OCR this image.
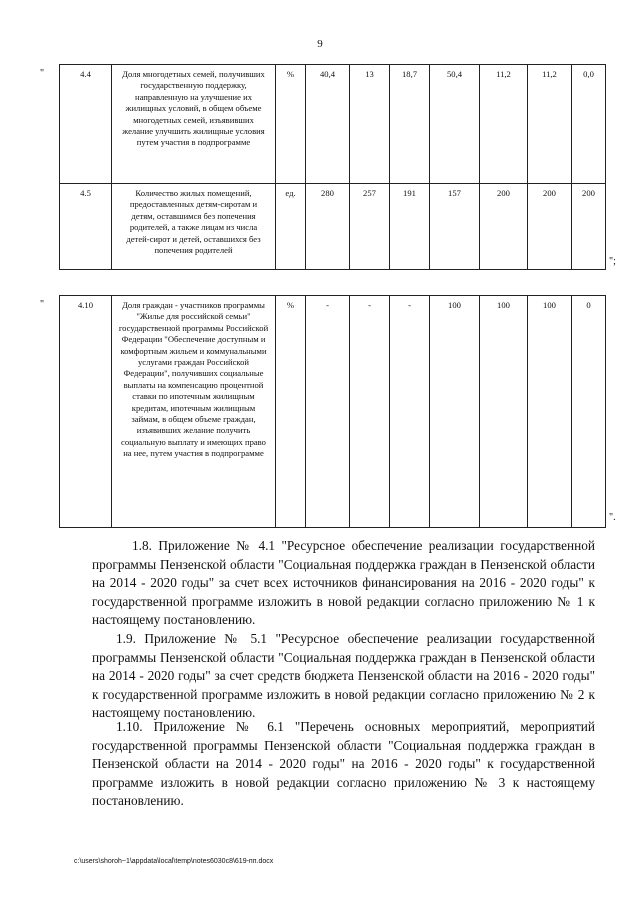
9
"	4.4	Доля многодетных семей, получивших государственную поддержку, направленную на улучшение их жилищных условий, в общем объеме многодетных семей, изъявивших желание улучшить жилищные условия путем участия в подпрограмме	%	40,4	13	18,7	50,4	11,2	11,2	0,0
4.5	Количество жилых помещений, предоставленных детям-сиротам и детям, оставшимся без попечения родителей, а также лицам из числа детей-сирот и детей, оставшихся без попечения родителей	ед.	280	257	191	157	200	200	200
";
"	4.10	Доля граждан - участников программы "Жилье для российской семьи" государственной программы Российской Федерации "Обеспечение доступным и комфортным жильем и коммунальными услугами граждан Российской Федерации", получивших социальные выплаты на компенсацию процентной ставки по ипотечным жилищным кредитам, ипотечным жилищным займам, в общем объеме граждан, изъявивших желание получить социальную выплату и имеющих право на нее, путем участия в подпрограмме	%	-	-	-	100	100	100	0
".

1.8. Приложение № 4.1 "Ресурсное обеспечение реализации государственной программы Пензенской области "Социальная поддержка граждан в Пензенской области на 2014 - 2020 годы" за счет всех источников финансирования на 2016 - 2020 годы" к государственной программе изложить в новой редакции согласно приложению № 1 к настоящему постановлению.

1.9. Приложение № 5.1 "Ресурсное обеспечение реализации государственной программы Пензенской области "Социальная поддержка граждан в Пензенской области на 2014 - 2020 годы" за счет средств бюджета Пензенской области на 2016 - 2020 годы" к государственной программе изложить в новой редакции согласно приложению № 2 к настоящему постановлению.

1.10. Приложение № 6.1 "Перечень основных мероприятий, мероприятий государственной программы Пензенской области "Социальная поддержка граждан в Пензенской области на 2014 - 2020 годы" на 2016 - 2020 годы" к государственной программе изложить в новой редакции согласно приложению № 3 к настоящему постановлению.

c:\users\shoroh~1\appdata\local\temp\notes6030c8\619-пп.docx
